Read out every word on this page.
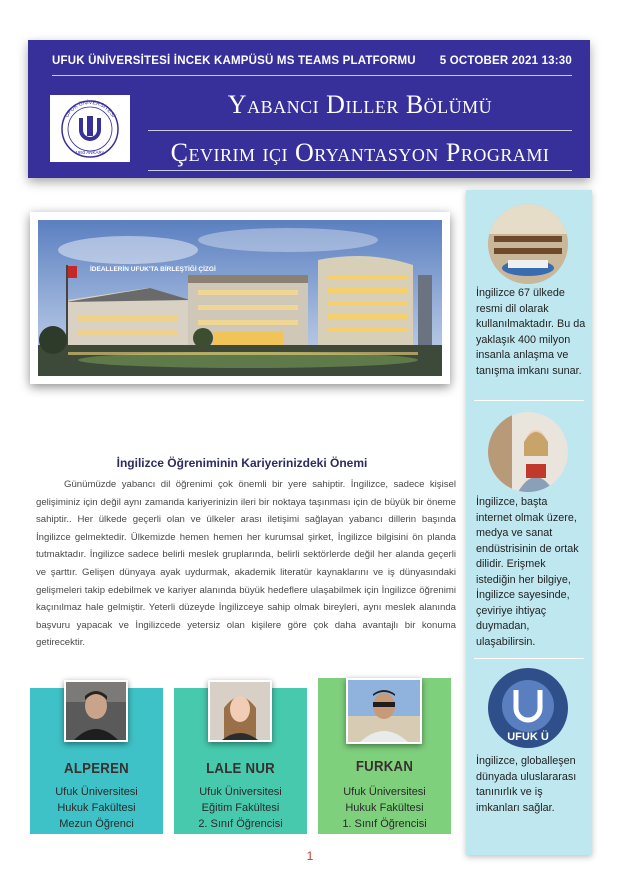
UFUK ÜNİVERSİTESİ İNCEK KAMPÜSÜ MS TEAMS PLATFORMU 5 OCTOBER 2021 13:30
UFUK ÜNİVERSİTESİ
1993 ANKARA
Yabancı Diller Bölümü
Çevirim içi Oryantasyon Programı
İDEALLERİN UFUK'TA BİRLEŞTİĞİ ÇİZGİ
İngilizce Öğreniminin Kariyerinizdeki Önemi
Günümüzde yabancı dil öğrenimi çok önemli bir yere sahiptir. İngilizce, sadece kişisel gelişiminiz için değil aynı zamanda kariyerinizin ileri bir noktaya taşınması için de büyük bir öneme sahiptir.. Her ülkede geçerli olan ve ülkeler arası iletişimi sağlayan yabancı dillerin başında İngilizce gelmektedir. Ülkemizde hemen hemen her kurumsal şirket, İngilizce bilgisini ön planda tutmaktadır. İngilizce sadece belirli meslek gruplarında, belirli sektörlerde değil her alanda geçerli ve şarttır. Gelişen dünyaya ayak uydurmak, akademik literatür kaynaklarını ve iş dünyasındaki gelişmeleri takip edebilmek ve kariyer alanında büyük hedeflere ulaşabilmek için İngilizce öğrenimi kaçınılmaz hale gelmiştir. Yeterli düzeyde İngilizceye sahip olmak bireyleri, aynı meslek alanında başvuru yapacak ve İngilizcede yetersiz olan kişilere göre çok daha avantajlı bir konuma getirecektir.
ALPEREN
Ufuk Üniversitesi
Hukuk Fakültesi
Mezun Öğrenci
LALE NUR
Ufuk Üniversitesi
Eğitim Fakültesi
2. Sınıf Öğrencisi
FURKAN
Ufuk Üniversitesi
Hukuk Fakültesi
1. Sınıf Öğrencisi
İngilizce 67 ülkede resmi dil olarak kullanılmaktadır. Bu da yaklaşık 400 milyon insanla anlaşma ve tanışma imkanı sunar.
İngilizce, başta internet olmak üzere, medya ve sanat endüstrisinin de ortak dilidir. Erişmek istediğin her bilgiye, İngilizce sayesinde, çeviriye ihtiyaç duymadan, ulaşabilirsin.
UFUK Ü
İngilizce, globalleşen dünyada uluslararası tanınırlık ve iş imkanları sağlar.
1
